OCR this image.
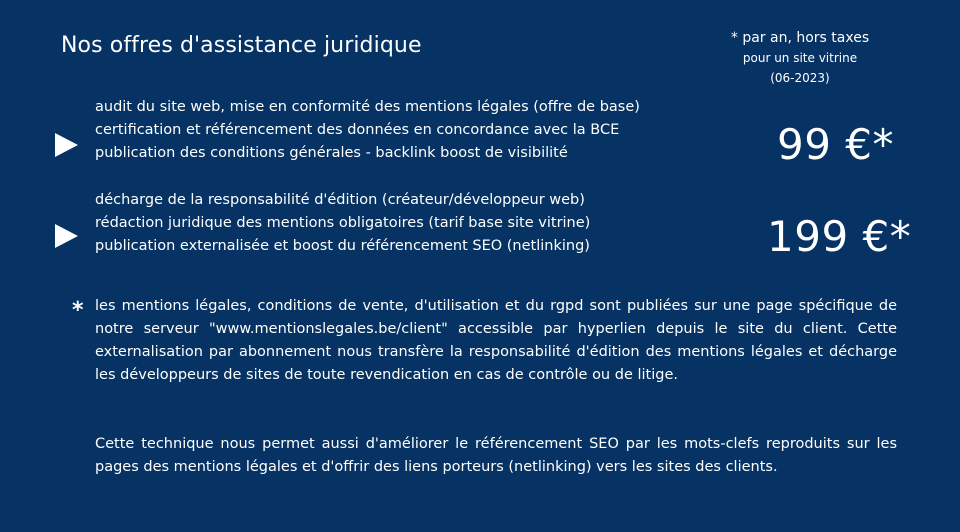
Nos offres d'assistance juridique	* par an, hors taxes
pour un site vitrine
(06-2023)
audit du site web, mise en conformité des mentions légales (offre de base)
certification et référencement des données en concordance avec la BCE
publication des conditions générales - backlink boost de visibilité	99 €*
décharge de la responsabilité d'édition (créateur/développeur web)
rédaction juridique des mentions obligatoires (tarif base site vitrine)
publication externalisée et boost du référencement SEO (netlinking)	199 €*
* les mentions légales, conditions de vente, d'utilisation et du rgpd sont publiées sur une page spécifique de notre serveur "www.mentionslegales.be/client" accessible par hyperlien depuis le site du client. Cette externalisation par abonnement nous transfère la responsabilité d'édition des mentions légales et décharge les développeurs de sites de toute revendication en cas de contrôle ou de litige.
Cette technique nous permet aussi d'améliorer le référencement SEO par les mots-clefs reproduits sur les pages des mentions légales et d'offrir des liens porteurs (netlinking) vers les sites des clients.
